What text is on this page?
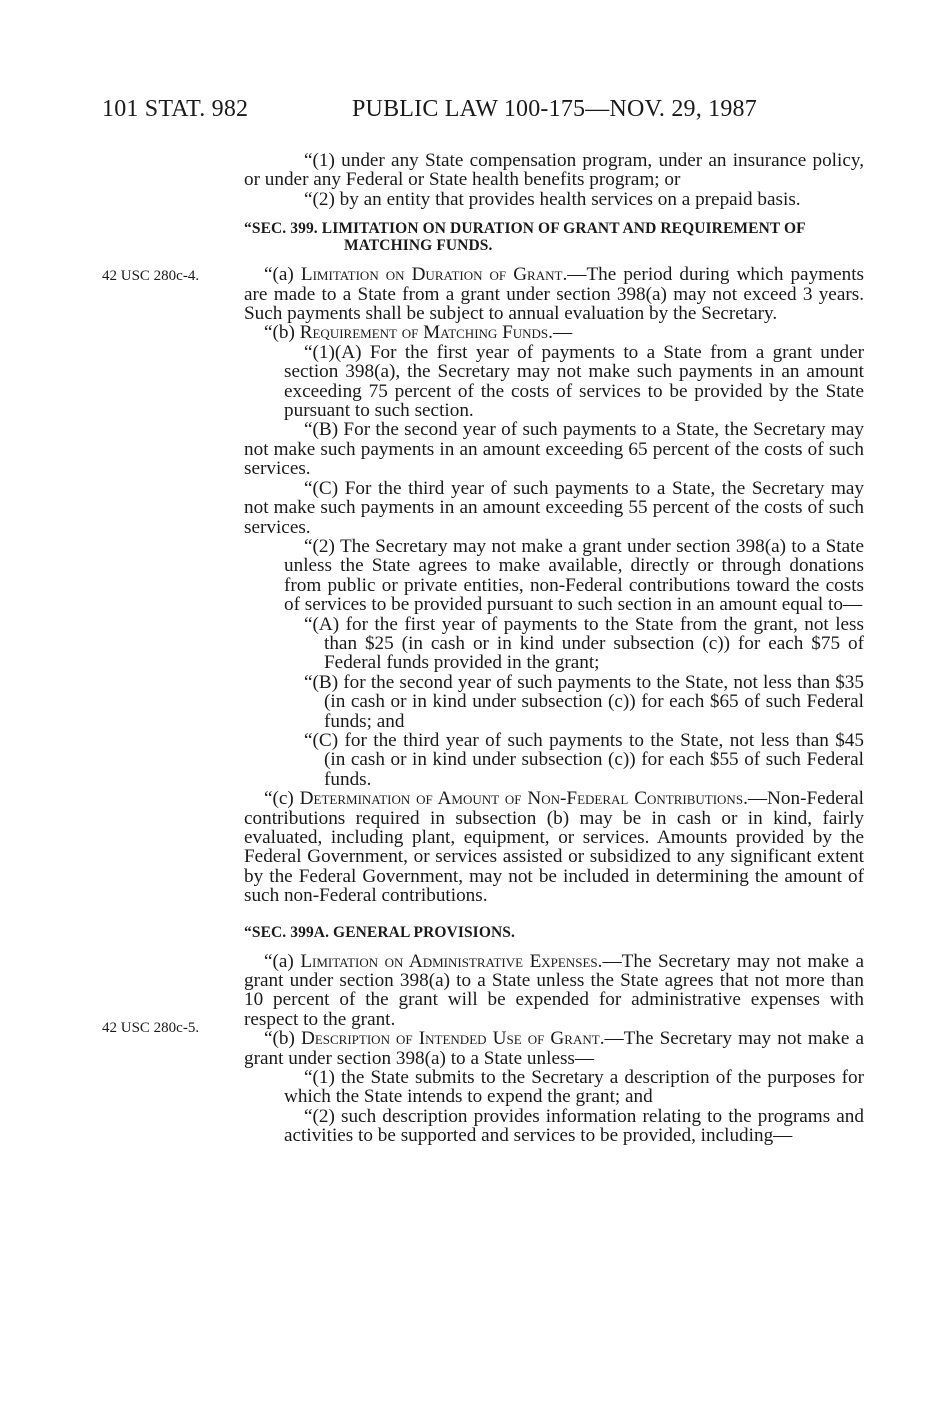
101 STAT. 982	PUBLIC LAW 100-175—NOV. 29, 1987
42 USC 280c-4.
42 USC 280c-5.

“(1) under any State compensation program, under an insurance policy, or under any Federal or State health benefits program; or

“(2) by an entity that provides health services on a prepaid basis.

“SEC. 399. LIMITATION ON DURATION OF GRANT AND REQUIREMENT OF
MATCHING FUNDS.

“(a) Limitation on Duration of Grant.—The period during which payments are made to a State from a grant under section 398(a) may not exceed 3 years. Such payments shall be subject to annual evaluation by the Secretary.

“(b) Requirement of Matching Funds.—

“(1)(A) For the first year of payments to a State from a grant under section 398(a), the Secretary may not make such payments in an amount exceeding 75 percent of the costs of services to be provided by the State pursuant to such section.

“(B) For the second year of such payments to a State, the Secretary may not make such payments in an amount exceeding 65 percent of the costs of such services.

“(C) For the third year of such payments to a State, the Secretary may not make such payments in an amount exceeding 55 percent of the costs of such services.

“(2) The Secretary may not make a grant under section 398(a) to a State unless the State agrees to make available, directly or through donations from public or private entities, non-Federal contributions toward the costs of services to be provided pursuant to such section in an amount equal to—

“(A) for the first year of payments to the State from the grant, not less than $25 (in cash or in kind under subsection (c)) for each $75 of Federal funds provided in the grant;

“(B) for the second year of such payments to the State, not less than $35 (in cash or in kind under subsection (c)) for each $65 of such Federal funds; and

“(C) for the third year of such payments to the State, not less than $45 (in cash or in kind under subsection (c)) for each $55 of such Federal funds.

“(c) Determination of Amount of Non-Federal Contributions.—Non-Federal contributions required in subsection (b) may be in cash or in kind, fairly evaluated, including plant, equipment, or services. Amounts provided by the Federal Government, or services assisted or subsidized to any significant extent by the Federal Government, may not be included in determining the amount of such non-Federal contributions.

“SEC. 399A. GENERAL PROVISIONS.

“(a) Limitation on Administrative Expenses.—The Secretary may not make a grant under section 398(a) to a State unless the State agrees that not more than 10 percent of the grant will be expended for administrative expenses with respect to the grant.

“(b) Description of Intended Use of Grant.—The Secretary may not make a grant under section 398(a) to a State unless—

“(1) the State submits to the Secretary a description of the purposes for which the State intends to expend the grant; and

“(2) such description provides information relating to the programs and activities to be supported and services to be provided, including—
